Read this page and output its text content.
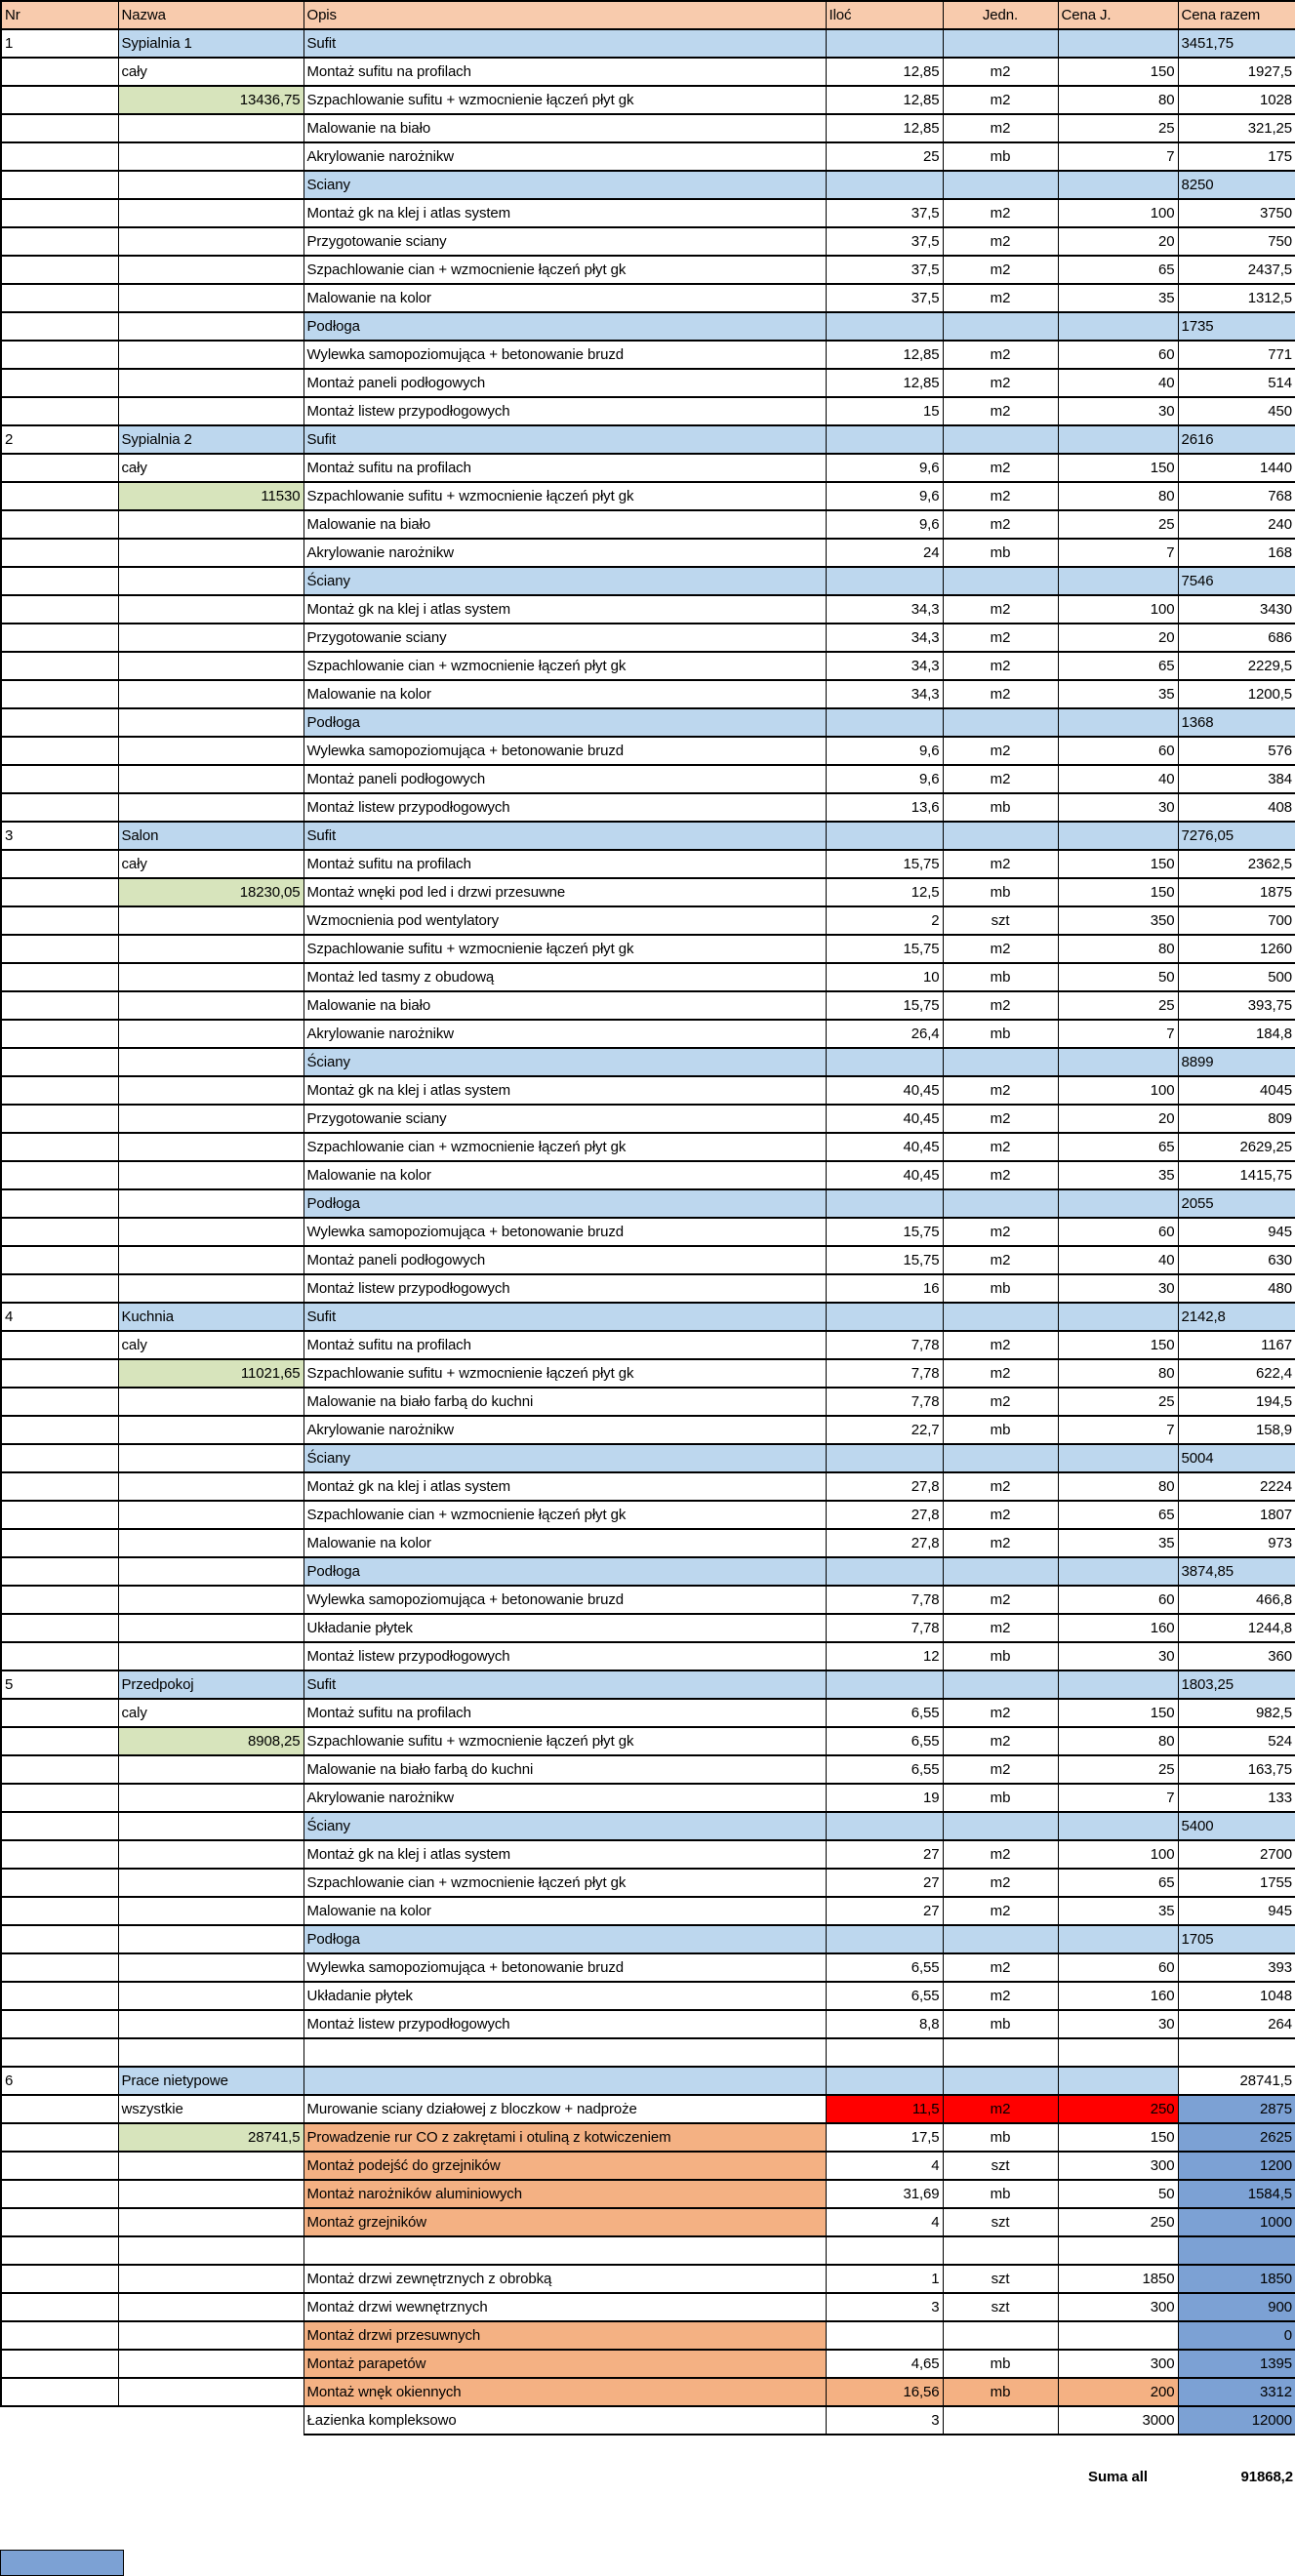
Nr	Nazwa	Opis	Iloć	Jedn.	Cena J.	Cena razem
1	Sypialnia 1	Sufit				3451,75
	cały	Montaż sufitu na profilach	12,85	m2	150	1927,5
	13436,75	Szpachlowanie sufitu + wzmocnienie łączeń płyt gk	12,85	m2	80	1028
		Malowanie na biało	12,85	m2	25	321,25
		Akrylowanie narożnikw	25	mb	7	175
		Sciany				8250
		Montaż gk na klej i atlas system	37,5	m2	100	3750
		Przygotowanie sciany	37,5	m2	20	750
		Szpachlowanie cian + wzmocnienie łączeń płyt gk	37,5	m2	65	2437,5
		Malowanie na kolor	37,5	m2	35	1312,5
		Podłoga				1735
		Wylewka samopoziomująca + betonowanie bruzd	12,85	m2	60	771
		Montaż paneli podłogowych	12,85	m2	40	514
		Montaż listew przypodłogowych	15	m2	30	450
2	Sypialnia 2	Sufit				2616
	cały	Montaż sufitu na profilach	9,6	m2	150	1440
	11530	Szpachlowanie sufitu + wzmocnienie łączeń płyt gk	9,6	m2	80	768
		Malowanie na biało	9,6	m2	25	240
		Akrylowanie narożnikw	24	mb	7	168
		Ściany				7546
		Montaż gk na klej i atlas system	34,3	m2	100	3430
		Przygotowanie sciany	34,3	m2	20	686
		Szpachlowanie cian + wzmocnienie łączeń płyt gk	34,3	m2	65	2229,5
		Malowanie na kolor	34,3	m2	35	1200,5
		Podłoga				1368
		Wylewka samopoziomująca + betonowanie bruzd	9,6	m2	60	576
		Montaż paneli podłogowych	9,6	m2	40	384
		Montaż listew przypodłogowych	13,6	mb	30	408
3	Salon	Sufit				7276,05
	cały	Montaż sufitu na profilach	15,75	m2	150	2362,5
	18230,05	Montaż wnęki pod led i drzwi przesuwne	12,5	mb	150	1875
		Wzmocnienia pod wentylatory	2	szt	350	700
		Szpachlowanie sufitu + wzmocnienie łączeń płyt gk	15,75	m2	80	1260
		Montaż led tasmy z obudową	10	mb	50	500
		Malowanie na biało	15,75	m2	25	393,75
		Akrylowanie narożnikw	26,4	mb	7	184,8
		Ściany				8899
		Montaż gk na klej i atlas system	40,45	m2	100	4045
		Przygotowanie sciany	40,45	m2	20	809
		Szpachlowanie cian + wzmocnienie łączeń płyt gk	40,45	m2	65	2629,25
		Malowanie na kolor	40,45	m2	35	1415,75
		Podłoga				2055
		Wylewka samopoziomująca + betonowanie bruzd	15,75	m2	60	945
		Montaż paneli podłogowych	15,75	m2	40	630
		Montaż listew przypodłogowych	16	mb	30	480
4	Kuchnia	Sufit				2142,8
	caly	Montaż sufitu na profilach	7,78	m2	150	1167
	11021,65	Szpachlowanie sufitu + wzmocnienie łączeń płyt gk	7,78	m2	80	622,4
		Malowanie na biało farbą do kuchni	7,78	m2	25	194,5
		Akrylowanie narożnikw	22,7	mb	7	158,9
		Ściany				5004
		Montaż gk na klej i atlas system	27,8	m2	80	2224
		Szpachlowanie cian + wzmocnienie łączeń płyt gk	27,8	m2	65	1807
		Malowanie na kolor	27,8	m2	35	973
		Podłoga				3874,85
		Wylewka samopoziomująca + betonowanie bruzd	7,78	m2	60	466,8
		Układanie płytek	7,78	m2	160	1244,8
		Montaż listew przypodłogowych	12	mb	30	360
5	Przedpokoj	Sufit				1803,25
	caly	Montaż sufitu na profilach	6,55	m2	150	982,5
	8908,25	Szpachlowanie sufitu + wzmocnienie łączeń płyt gk	6,55	m2	80	524
		Malowanie na biało farbą do kuchni	6,55	m2	25	163,75
		Akrylowanie narożnikw	19	mb	7	133
		Ściany				5400
		Montaż gk na klej i atlas system	27	m2	100	2700
		Szpachlowanie cian + wzmocnienie łączeń płyt gk	27	m2	65	1755
		Malowanie na kolor	27	m2	35	945
		Podłoga				1705
		Wylewka samopoziomująca + betonowanie bruzd	6,55	m2	60	393
		Układanie płytek	6,55	m2	160	1048
		Montaż listew przypodłogowych	8,8	mb	30	264

6	Prace nietypowe					28741,5
	wszystkie	Murowanie sciany działowej z bloczkow + nadproże	11,5	m2	250	2875
	28741,5	Prowadzenie rur CO z zakrętami i otuliną z kotwiczeniem	17,5	mb	150	2625
		Montaż podejść do grzejników	4	szt	300	1200
		Montaż narożników aluminiowych	31,69	mb	50	1584,5
		Montaż grzejników	4	szt	250	1000

		Montaż drzwi zewnętrznych z obrobką	1	szt	1850	1850
		Montaż drzwi wewnętrznych	3	szt	300	900
		Montaż drzwi przesuwnych				0
		Montaż parapetów	4,65	mb	300	1395
		Montaż wnęk okiennych	16,56	mb	200	3312
		Łazienka kompleksowo	3		3000	12000

					Suma all	91868,2
